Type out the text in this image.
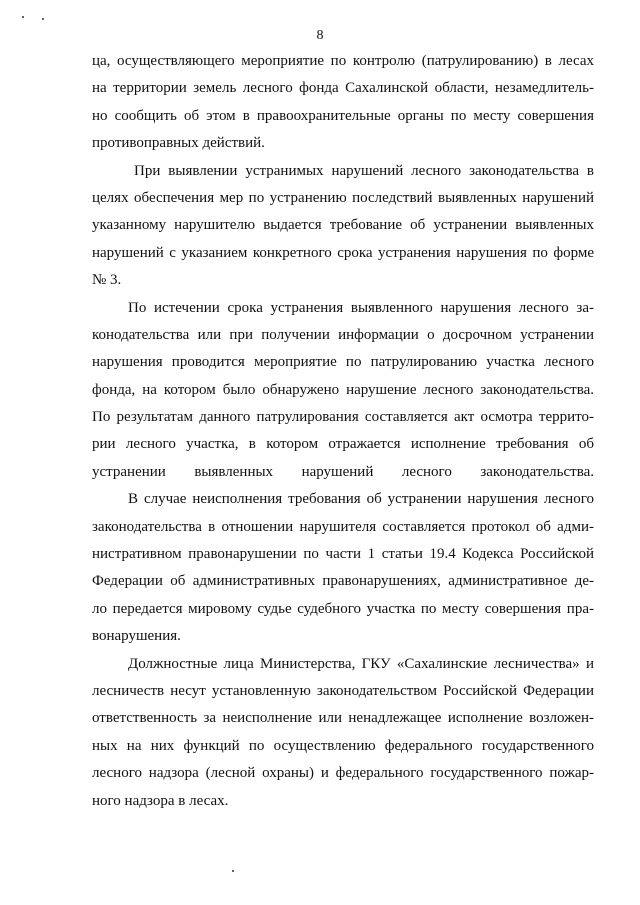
8
ца, осуществляющего мероприятие по контролю (патрулированию) в лесах
на территории земель лесного фонда Сахалинской области, незамедлитель-
но сообщить об этом в правоохранительные органы по месту совершения
противоправных действий.
При выявлении устранимых нарушений лесного законодательства в
целях обеспечения мер по устранению последствий выявленных нарушений
указанному нарушителю выдается требование об устранении выявленных
нарушений с указанием конкретного срока устранения нарушения по форме
№ 3.
По истечении срока устранения выявленного нарушения лесного за-
конодательства или при получении информации о досрочном устранении
нарушения проводится мероприятие по патрулированию участка лесного
фонда, на котором было обнаружено нарушение лесного законодательства.
По результатам данного патрулирования составляется акт осмотра террито-
рии лесного участка, в котором отражается исполнение требования об
устранении выявленных нарушений лесного законодательства.
В случае неисполнения требования об устранении нарушения лесного
законодательства в отношении нарушителя составляется протокол об адми-
нистративном правонарушении по части 1 статьи 19.4 Кодекса Российской
Федерации об административных правонарушениях, административное де-
ло передается мировому судье судебного участка по месту совершения пра-
вонарушения.
Должностные лица Министерства, ГКУ «Сахалинские лесничества» и
лесничеств несут установленную законодательством Российской Федерации
ответственность за неисполнение или ненадлежащее исполнение возложен-
ных на них функций по осуществлению федерального государственного
лесного надзора (лесной охраны) и федерального государственного пожар-
ного надзора в лесах.
